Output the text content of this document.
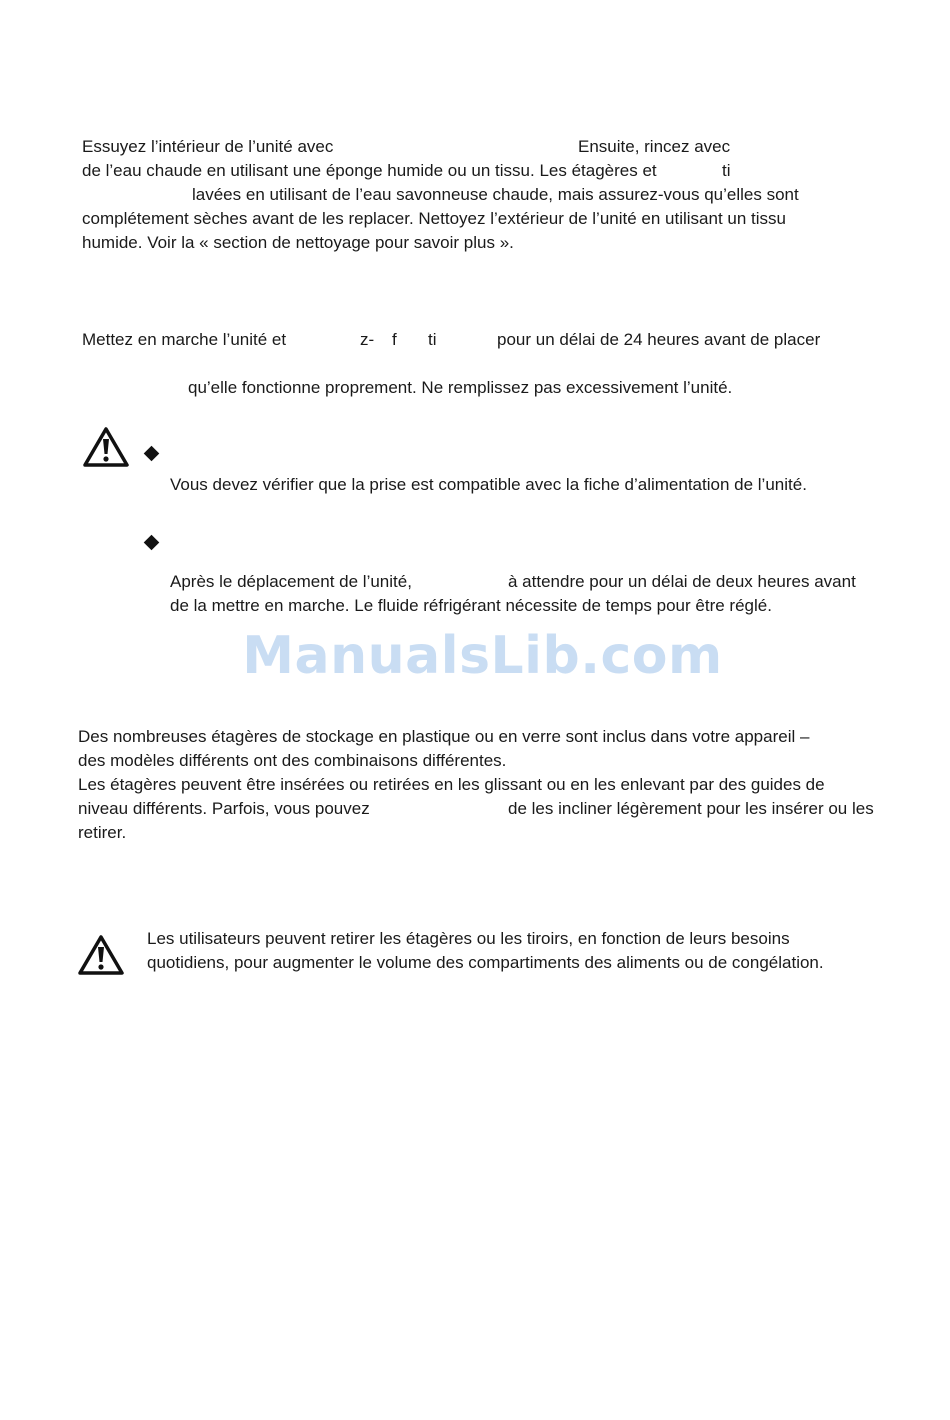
Essuyez l’intérieur de l’unité avec	Ensuite, rincez avec

de l’eau chaude en utilisant une éponge humide ou un tissu. Les étagères et	ti

lavées en utilisant de l’eau savonneuse chaude, mais assurez-vous qu’elles sont

complétement sèches avant de les replacer. Nettoyez l’extérieur de l’unité en utilisant un tissu

humide. Voir la « section de nettoyage pour savoir plus ».

Mettez en marche l’unité et	z- f ti	pour un délai de 24 heures avant de placer

qu’elle fonctionne proprement. Ne remplissez pas excessivement l’unité.

Vous devez vérifier que la prise est compatible avec la fiche d’alimentation de l’unité.

Après le déplacement de l’unité,	à attendre pour un délai de deux heures avant

de la mettre en marche. Le fluide réfrigérant nécessite de temps pour être réglé.

ManualsLib.com

Des nombreuses étagères de stockage en plastique ou en verre sont inclus dans votre appareil –

des modèles différents ont des combinaisons différentes.

Les étagères peuvent être insérées ou retirées en les glissant ou en les enlevant par des guides de

niveau différents. Parfois, vous pouvez	de les incliner légèrement pour les insérer ou les

retirer.

Les utilisateurs peuvent retirer les étagères ou les tiroirs, en fonction de leurs besoins

quotidiens, pour augmenter le volume des compartiments des aliments ou de congélation.
